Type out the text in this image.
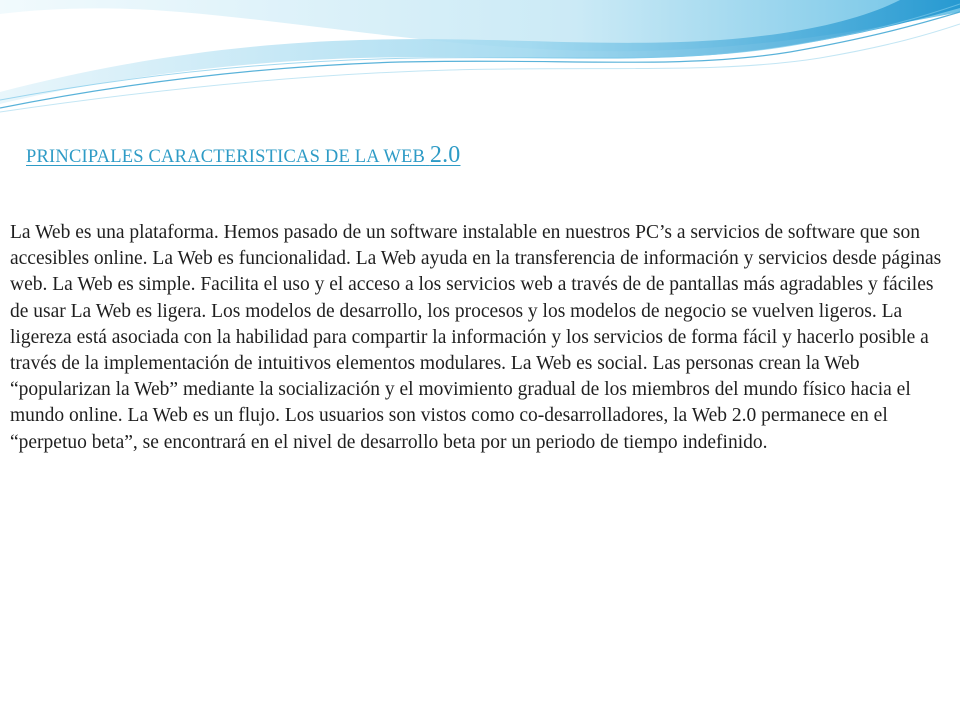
PRINCIPALES CARACTERISTICAS DE LA WEB 2.0

La Web es una plataforma. Hemos pasado de un software instalable en nuestros PC’s a servicios de software que son accesibles online. La Web es funcionalidad. La Web ayuda en la transferencia de información y servicios desde páginas web. La Web es simple. Facilita el uso y el acceso a los servicios web a través de de pantallas más agradables y fáciles de usar La Web es ligera. Los modelos de desarrollo, los procesos y los modelos de negocio se vuelven ligeros. La ligereza está asociada con la habilidad para compartir la información y los servicios de forma fácil y hacerlo posible a través de la implementación de intuitivos elementos modulares. La Web es social. Las personas crean la Web “popularizan la Web” mediante la socialización y el movimiento gradual de los miembros del mundo físico hacia el mundo online. La Web es un flujo. Los usuarios son vistos como co-desarrolladores, la Web 2.0 permanece en el “perpetuo beta”, se encontrará en el nivel de desarrollo beta por un periodo de tiempo indefinido.
